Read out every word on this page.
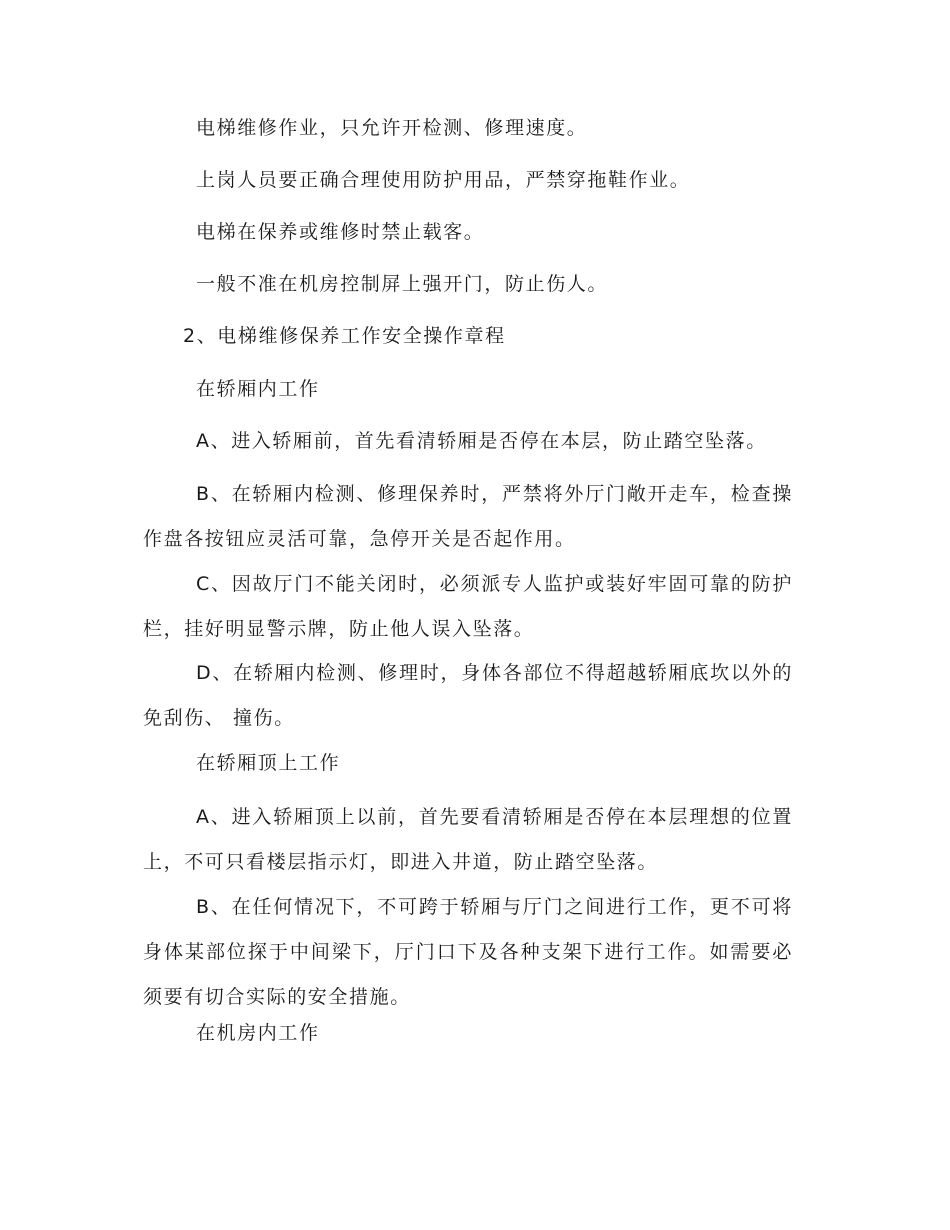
电梯维修作业，只允许开检测、修理速度。

上岗人员要正确合理使用防护用品，严禁穿拖鞋作业。

电梯在保养或维修时禁止载客。

一般不准在机房控制屏上强开门，防止伤人。

2、电梯维修保养工作安全操作章程

在轿厢内工作

A、进入轿厢前，首先看清轿厢是否停在本层，防止踏空坠落。

B、在轿厢内检测、修理保养时，严禁将外厅门敞开走车，检查操作盘各按钮应灵活可靠，急停开关是否起作用。

C、因故厅门不能关闭时，必须派专人监护或装好牢固可靠的防护栏，挂好明显警示牌，防止他人误入坠落。

D、在轿厢内检测、修理时，身体各部位不得超越轿厢底坎以外的免刮伤、 撞伤。

在轿厢顶上工作

A、进入轿厢顶上以前，首先要看清轿厢是否停在本层理想的位置上，不可只看楼层指示灯，即进入井道，防止踏空坠落。

B、在任何情况下，不可跨于轿厢与厅门之间进行工作，更不可将身体某部位探于中间梁下，厅门口下及各种支架下进行工作。如需要必须要有切合实际的安全措施。

在机房内工作
